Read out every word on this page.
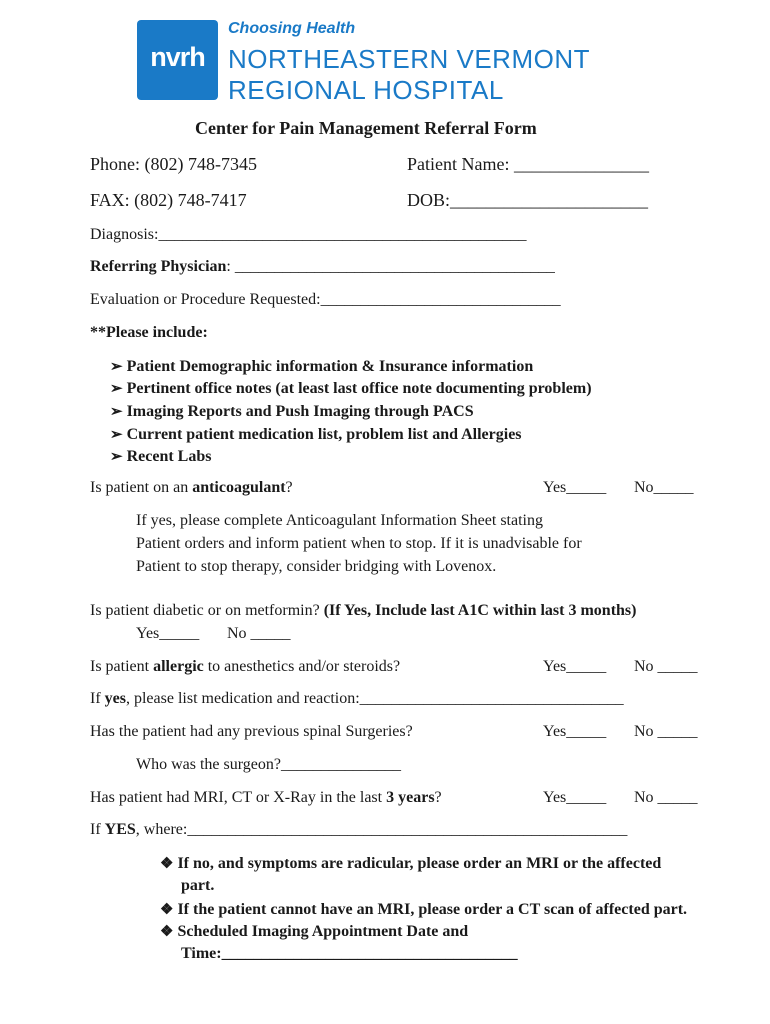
nvrh
Choosing Health
NORTHEASTERN VERMONT
REGIONAL HOSPITAL
Center for Pain Management Referral Form
Phone: (802) 748-7345	Patient Name: _______________
FAX: (802) 748-7417	DOB:______________________
Diagnosis:______________________________________________
Referring Physician: ________________________________________
Evaluation or Procedure Requested:______________________________
**Please include:
➢ Patient Demographic information & Insurance information
➢ Pertinent office notes (at least last office note documenting problem)
➢ Imaging Reports and Push Imaging through PACS
➢ Current patient medication list, problem list and Allergies
➢ Recent Labs
Is patient on an anticoagulant?	Yes_____ No_____
If yes, please complete Anticoagulant Information Sheet stating
Patient orders and inform patient when to stop. If it is unadvisable for
Patient to stop therapy, consider bridging with Lovenox.
Is patient diabetic or on metformin? (If Yes, Include last A1C within last 3 months)
Yes_____ No _____
Is patient allergic to anesthetics and/or steroids?	Yes_____ No _____
If yes, please list medication and reaction:_________________________________
Has the patient had any previous spinal Surgeries?	Yes_____ No _____
Who was the surgeon?_______________
Has patient had MRI, CT or X-Ray in the last 3 years?	Yes_____ No _____
If YES, where:_______________________________________________________
❖ If no, and symptoms are radicular, please order an MRI or the affected
part.
❖ If the patient cannot have an MRI, please order a CT scan of affected part.
❖ Scheduled Imaging Appointment Date and
Time:_____________________________________
